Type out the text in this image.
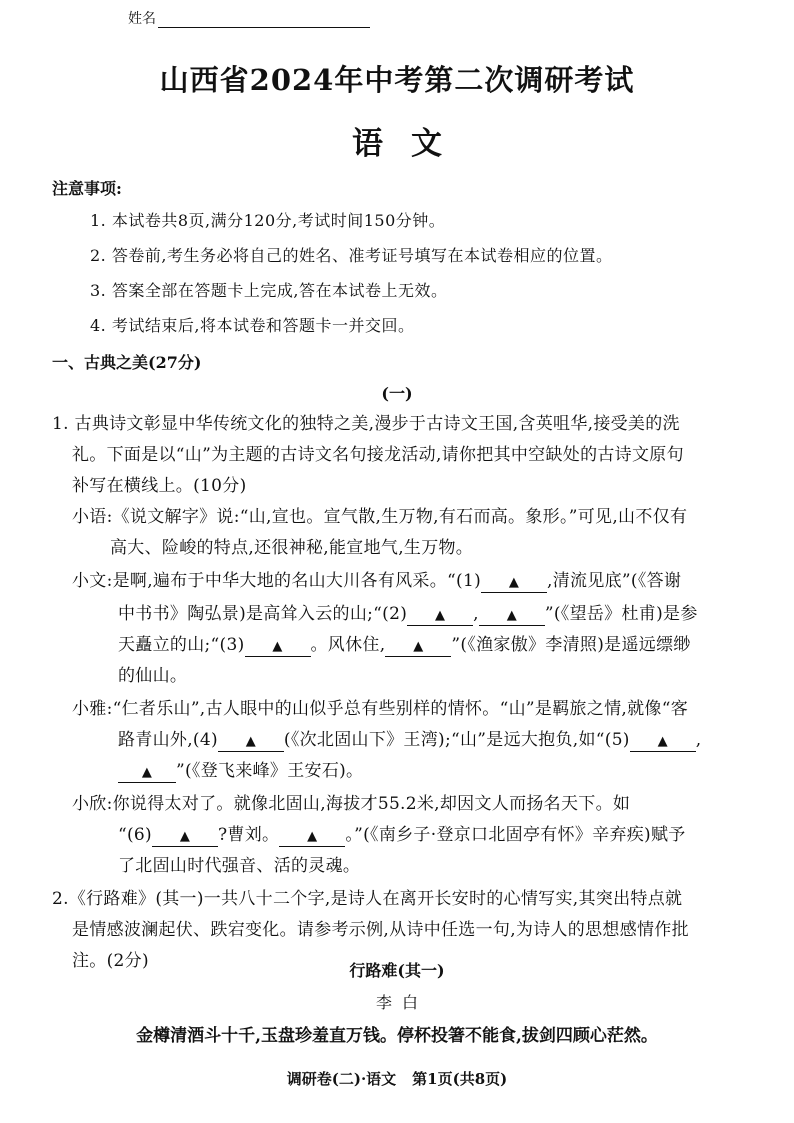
姓名
山西省2024年中考第二次调研考试
语文
注意事项:
1. 本试卷共8页,满分120分,考试时间150分钟。
2. 答卷前,考生务必将自己的姓名、准考证号填写在本试卷相应的位置。
3. 答案全部在答题卡上完成,答在本试卷上无效。
4. 考试结束后,将本试卷和答题卡一并交回。
一、古典之美(27分)
(一)
1. 古典诗文彰显中华传统文化的独特之美,漫步于古诗文王国,含英咀华,接受美的洗
礼。下面是以“山”为主题的古诗文名句接龙活动,请你把其中空缺处的古诗文原句
补写在横线上。(10分)
小语:《说文解字》说:“山,宣也。宣气散,生万物,有石而高。象形。”可见,山不仅有
高大、险峻的特点,还很神秘,能宣地气,生万物。
小文:是啊,遍布于中华大地的名山大川各有风采。“(1) ▲ ,清流见底”(《答谢
中书书》陶弘景)是高耸入云的山;“(2) ▲ , ▲ ”(《望岳》杜甫)是参
天矗立的山;“(3) ▲ 。风休住, ▲ ”(《渔家傲》李清照)是遥远缥缈
的仙山。
小雅:“仁者乐山”,古人眼中的山似乎总有些别样的情怀。“山”是羁旅之情,就像“客
路青山外,(4) ▲ (《次北固山下》王湾);“山”是远大抱负,如“(5) ▲ ,
▲ ”(《登飞来峰》王安石)。
小欣:你说得太对了。就像北固山,海拔才55.2米,却因文人而扬名天下。如
“(6) ▲ ?曹刘。 ▲ 。”(《南乡子·登京口北固亭有怀》辛弃疾)赋予
了北固山时代强音、活的灵魂。
2.《行路难》(其一)一共八十二个字,是诗人在离开长安时的心情写实,其突出特点就
是情感波澜起伏、跌宕变化。请参考示例,从诗中任选一句,为诗人的思想感情作批
注。(2分)	行路难(其一)
李白
金樽清酒斗十千,玉盘珍羞直万钱。停杯投箸不能食,拔剑四顾心茫然。
调研卷(二)·语文 第1页(共8页)
